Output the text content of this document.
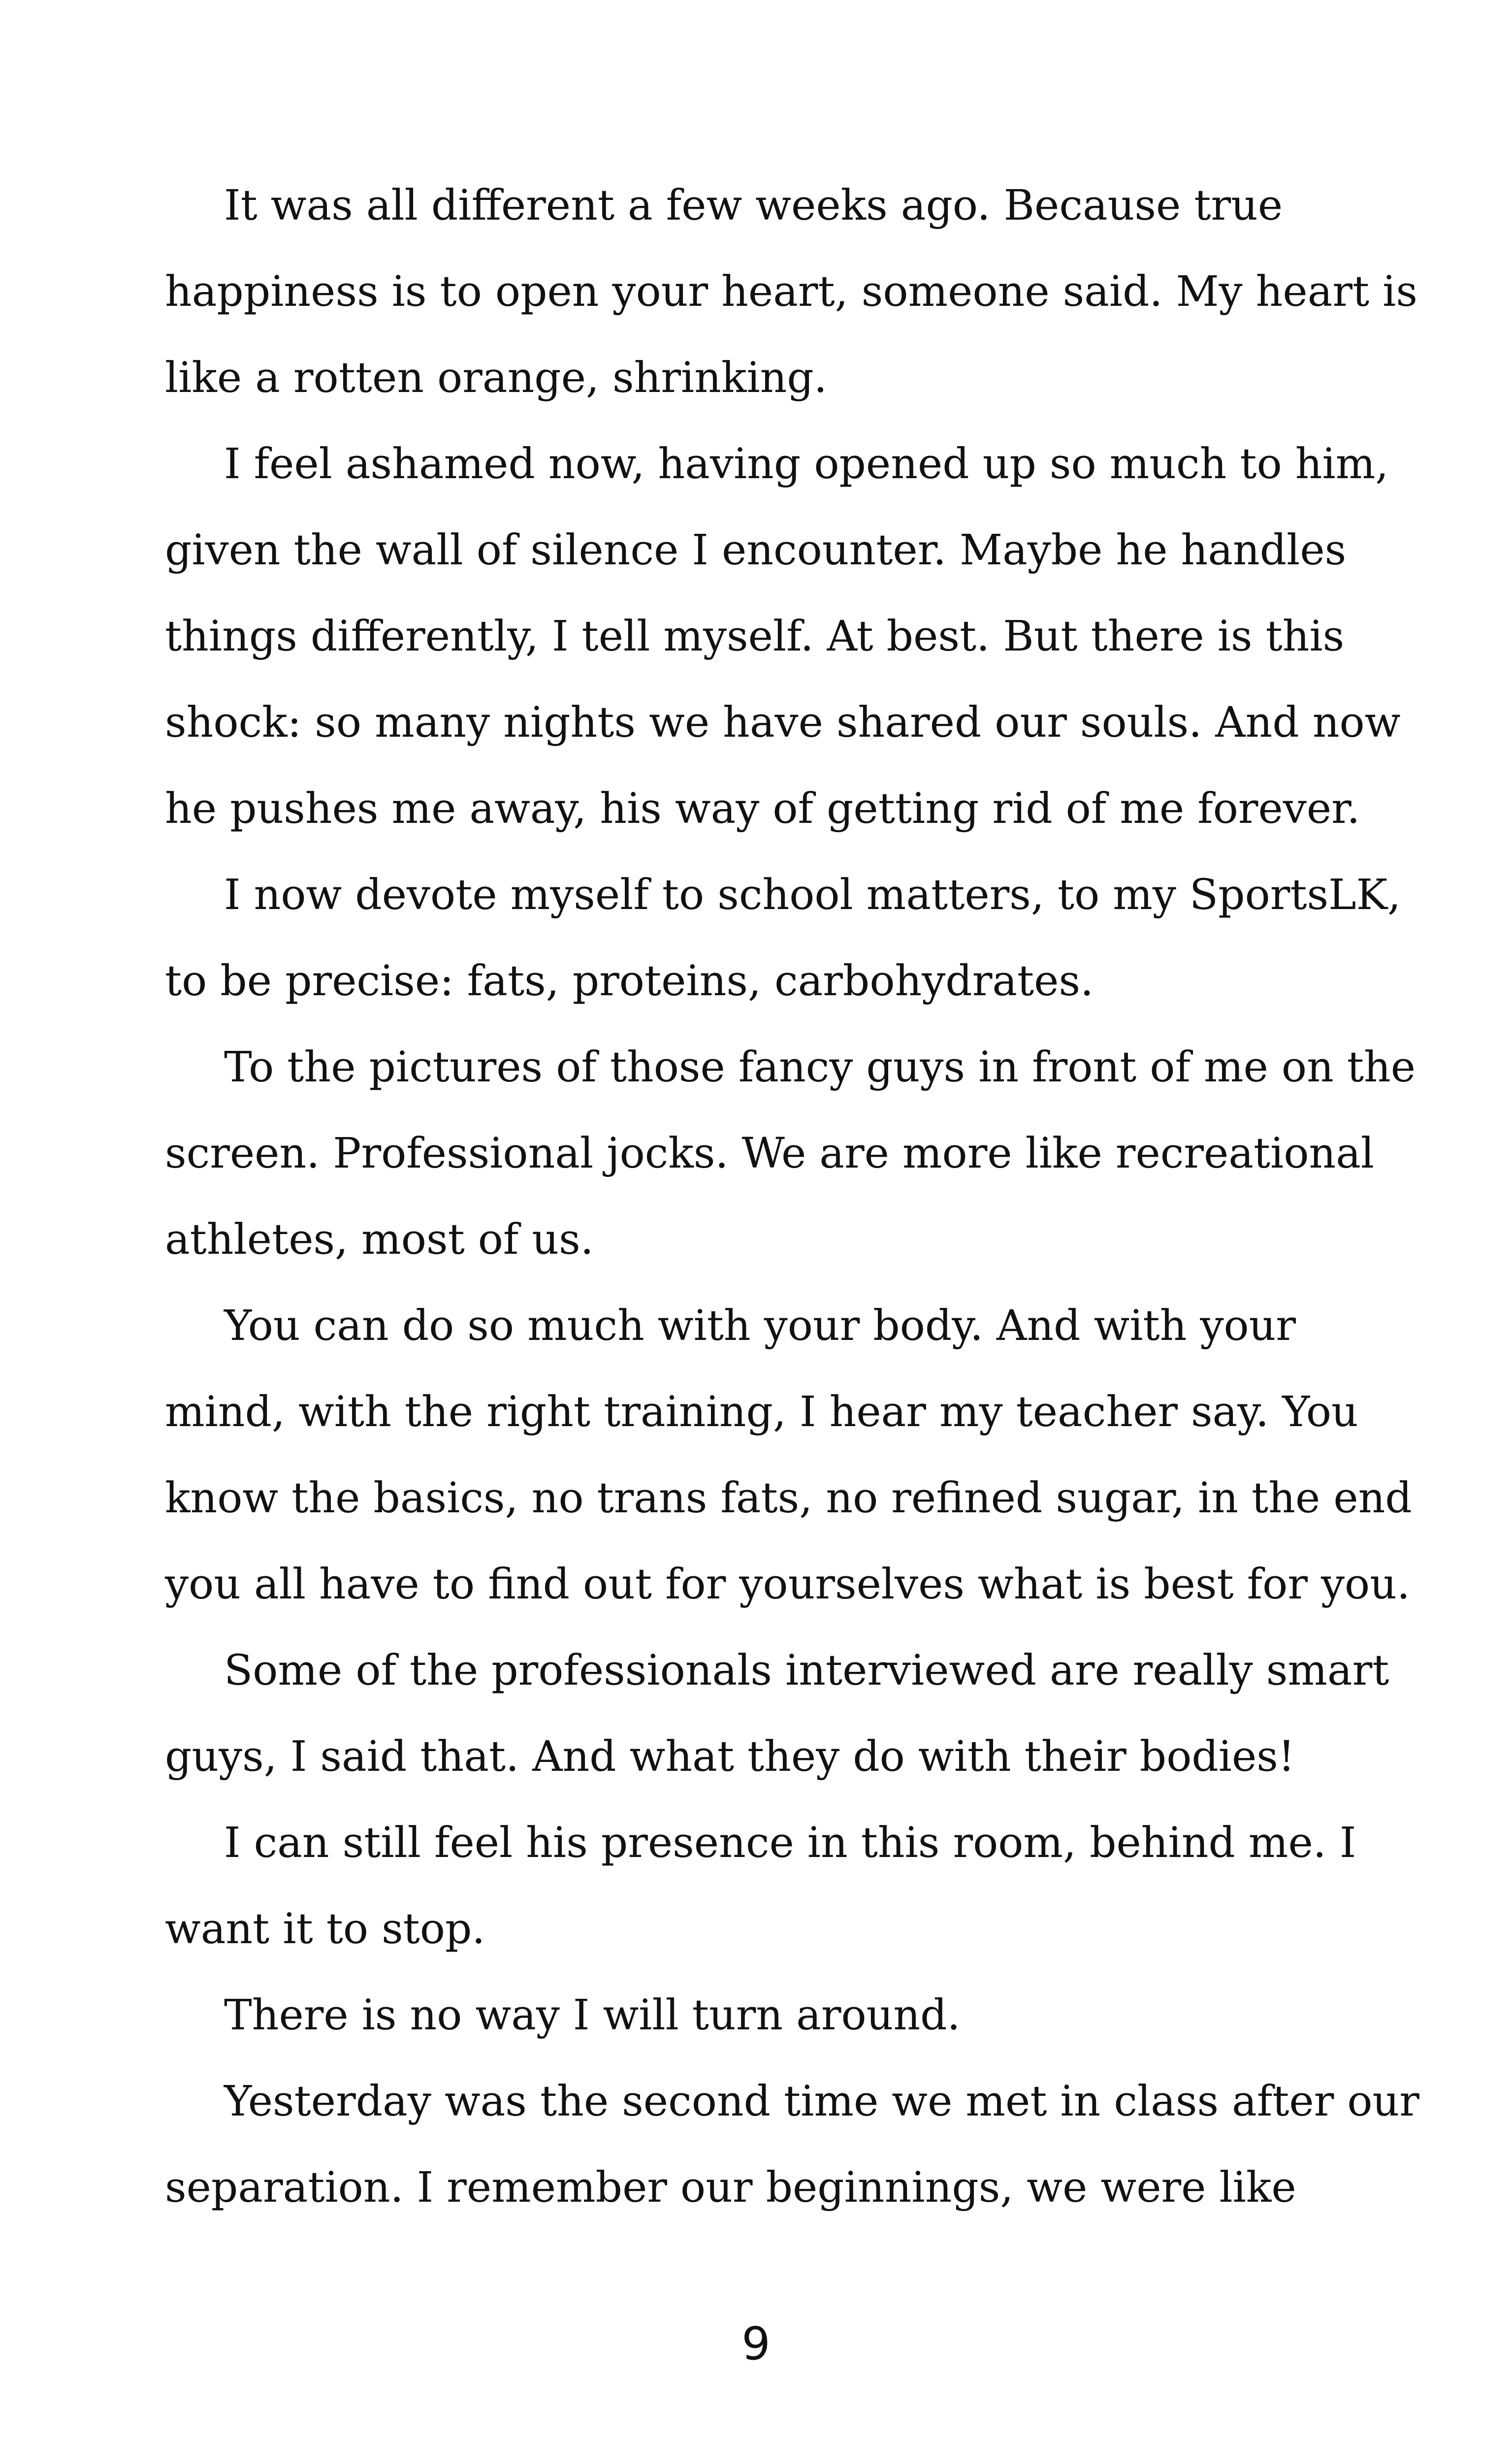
It was all different a few weeks ago. Because true
happiness is to open your heart, someone said. My heart is
like a rotten orange, shrinking.

I feel ashamed now, having opened up so much to him,
given the wall of silence I encounter. Maybe he handles
things differently, I tell myself. At best. But there is this
shock: so many nights we have shared our souls. And now
he pushes me away, his way of getting rid of me forever.

I now devote myself to school matters, to my SportsLK,
to be precise: fats, proteins, carbohydrates.

To the pictures of those fancy guys in front of me on the
screen. Professional jocks. We are more like recreational
athletes, most of us.

You can do so much with your body. And with your
mind, with the right training, I hear my teacher say. You
know the basics, no trans fats, no refined sugar, in the end
you all have to find out for yourselves what is best for you.

Some of the professionals interviewed are really smart
guys, I said that. And what they do with their bodies!

I can still feel his presence in this room, behind me. I
want it to stop.

There is no way I will turn around.

Yesterday was the second time we met in class after our
separation. I remember our beginnings, we were like

9
